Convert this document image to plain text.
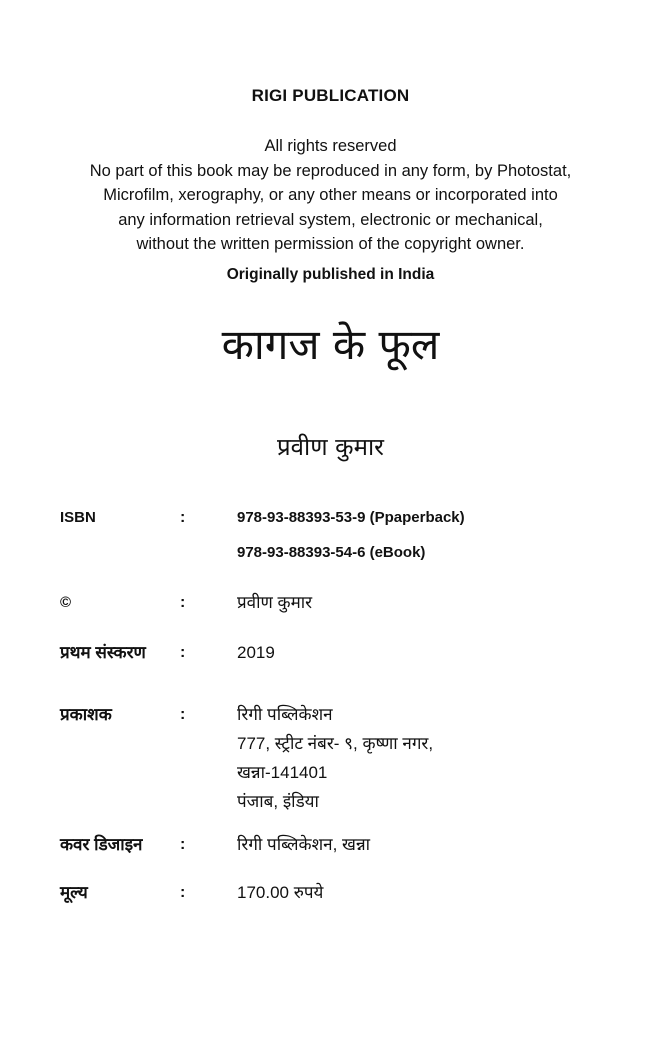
RIGI PUBLICATION
All rights reserved
No part of this book may be reproduced in any form, by Photostat,
Microfilm, xerography, or any other means or incorporated into
any information retrieval system, electronic or mechanical,
without the written permission of the copyright owner.
Originally published in India
कागज के फूल
प्रवीण कुमार
ISBN	:	978-93-88393-53-9 (Ppaperback)
978-93-88393-54-6 (eBook)
©	:	प्रवीण कुमार
प्रथम संस्करण	:	2019
प्रकाशक	:	रिगी पब्लिकेशन
777, स्ट्रीट नंबर- ९, कृष्णा नगर,
खन्ना-141401
पंजाब, इंडिया
कवर डिजाइन	:	रिगी पब्लिकेशन, खन्ना
मूल्य	:	170.00 रुपये
